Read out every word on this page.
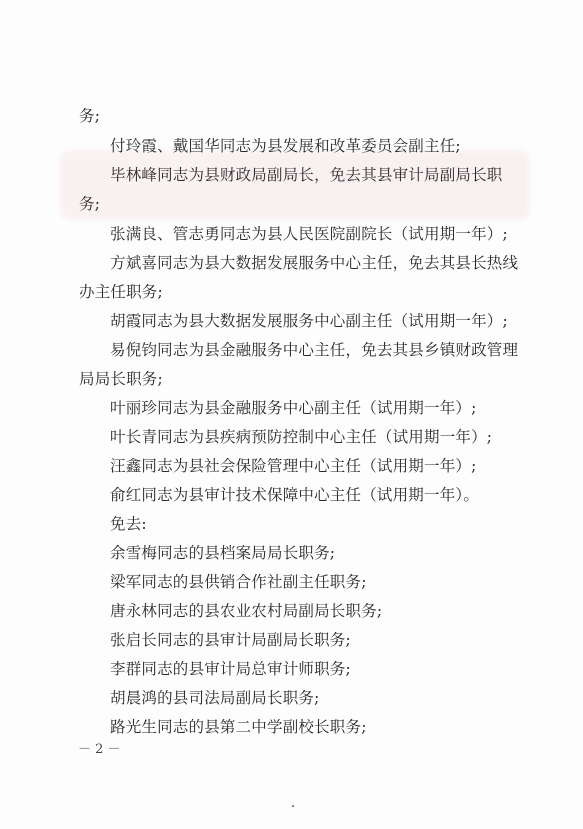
务;
付玲霞、戴国华同志为县发展和改革委员会副主任;
毕林峰同志为县财政局副局长，免去其县审计局副局长职
务;
张满良、管志勇同志为县人民医院副院长（试用期一年）;
方斌喜同志为县大数据发展服务中心主任，免去其县长热线
办主任职务;
胡霞同志为县大数据发展服务中心副主任（试用期一年）;
易倪钧同志为县金融服务中心主任，免去其县乡镇财政管理
局局长职务;
叶丽珍同志为县金融服务中心副主任（试用期一年）;
叶长青同志为县疾病预防控制中心主任（试用期一年）;
汪鑫同志为县社会保险管理中心主任（试用期一年）;
俞红同志为县审计技术保障中心主任（试用期一年）。
免去:
余雪梅同志的县档案局局长职务;
梁军同志的县供销合作社副主任职务;
唐永林同志的县农业农村局副局长职务;
张启长同志的县审计局副局长职务;
李群同志的县审计局总审计师职务;
胡晨鸿的县司法局副局长职务;
路光生同志的县第二中学副校长职务;
－ 2 －
